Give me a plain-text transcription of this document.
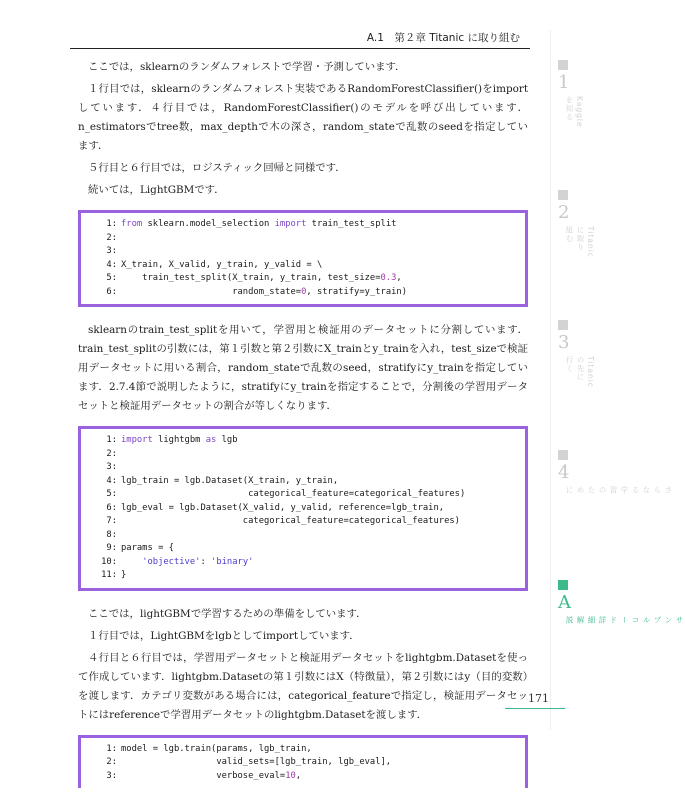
A.1　第２章 Titanic に取り組む

ここでは，sklearnのランダムフォレストで学習・予測しています．

１行目では，sklearnのランダムフォレスト実装であるRandomForestClassifier()をimportしています．４行目では，RandomForestClassifier()のモデルを呼び出しています．n_estimatorsでtree数，max_depthで木の深さ，random_stateで乱数のseedを指定しています．

５行目と６行目では，ロジスティック回帰と同様です．

続いては，LightGBMです．

1: from sklearn.model_selection import train_test_split
2:
3:
4: X_train, X_valid, y_train, y_valid = \
5:    train_test_split(X_train, y_train, test_size=0.3,
6:                     random_state=0, stratify=y_train)

sklearnのtrain_test_splitを用いて，学習用と検証用のデータセットに分割しています．train_test_splitの引数には，第１引数と第２引数にX_trainとy_trainを入れ，test_sizeで検証用データセットに用いる割合，random_stateで乱数のseed，stratifyにy_trainを指定しています．2.7.4節で説明したように，stratifyにy_trainを指定することで，分割後の学習用データセットと検証用データセットの割合が等しくなります．

1: import lightgbm as lgb
2:
3:
4: lgb_train = lgb.Dataset(X_train, y_train,
5:                        categorical_feature=categorical_features)
6: lgb_eval = lgb.Dataset(X_valid, y_valid, reference=lgb_train,
7:                       categorical_feature=categorical_features)
8:
9: params = {
10:	'objective': 'binary'
11: }

ここでは，lightGBMで学習するための準備をしています．

１行目では，LightGBMをlgbとしてimportしています．

４行目と６行目では，学習用データセットと検証用データセットをlightgbm.Datasetを使って作成しています．lightgbm.Datasetの第１引数にはX（特徴量），第２引数にはy（目的変数）を渡します．カテゴリ変数がある場合には，categorical_featureで指定し，検証用データセットにはreferenceで学習用データセットのlightgbm.Datasetを渡します．

1: model = lgb.train(params, lgb_train,
2:                  valid_sets=[lgb_train, lgb_eval],
3:                  verbose_eval=10,
1
Kaggleを知る
2
Titanicに取り組む
3
Titanicの先に行く
4
さらなる学習のために
A
サンプルコード詳細解説
171
